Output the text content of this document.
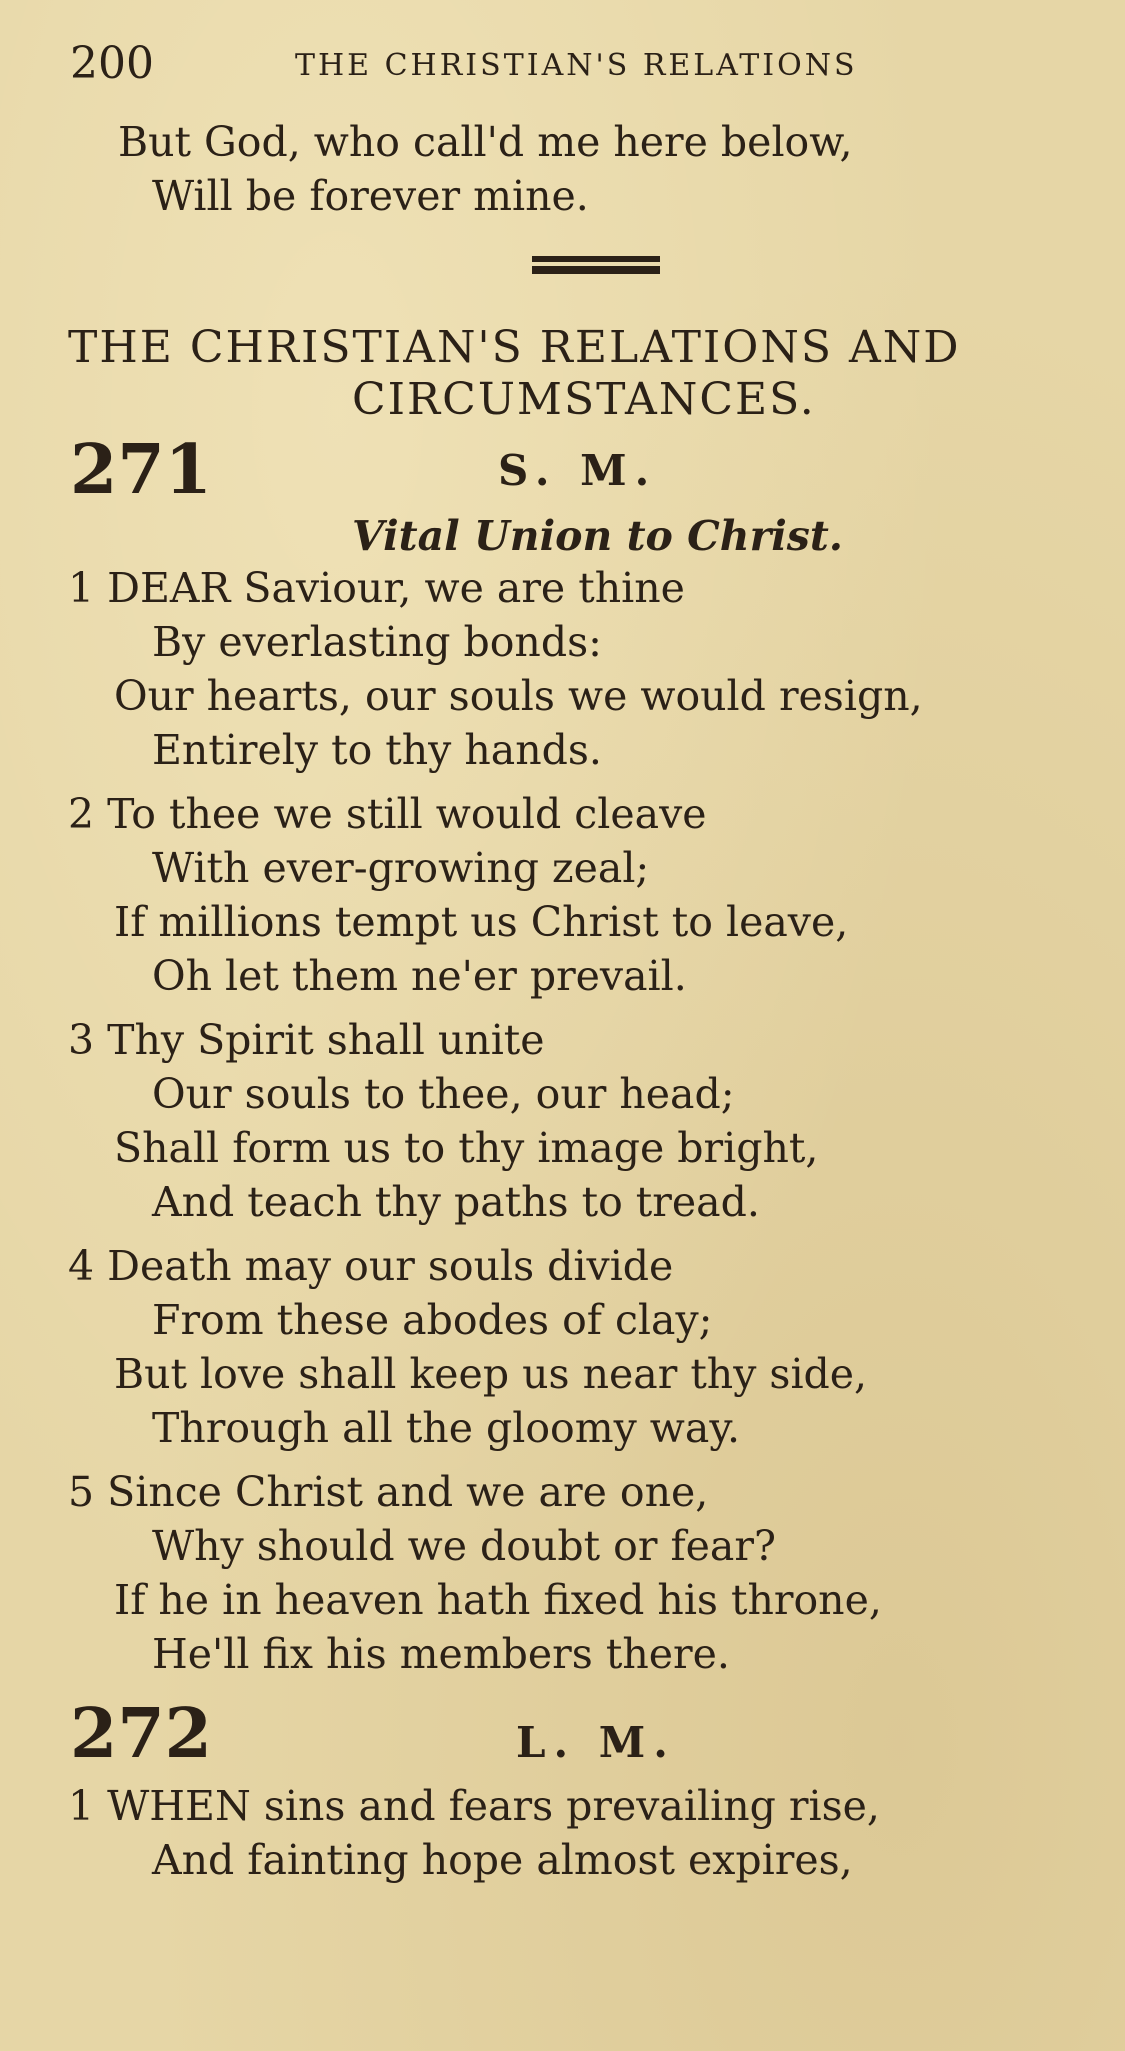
200	THE CHRISTIAN'S RELATIONS
But God, who call'd me here below,
Will be forever mine.
THE CHRISTIAN'S RELATIONS AND
CIRCUMSTANCES.
271	S. M.
Vital Union to Christ.
1 DEAR Saviour, we are thine
By everlasting bonds:
Our hearts, our souls we would resign,
Entirely to thy hands.
2 To thee we still would cleave
With ever-growing zeal;
If millions tempt us Christ to leave,
Oh let them ne'er prevail.
3 Thy Spirit shall unite
Our souls to thee, our head;
Shall form us to thy image bright,
And teach thy paths to tread.
4 Death may our souls divide
From these abodes of clay;
But love shall keep us near thy side,
Through all the gloomy way.
5 Since Christ and we are one,
Why should we doubt or fear?
If he in heaven hath fixed his throne,
He'll fix his members there.
272	L. M.
1 WHEN sins and fears prevailing rise,
And fainting hope almost expires,
